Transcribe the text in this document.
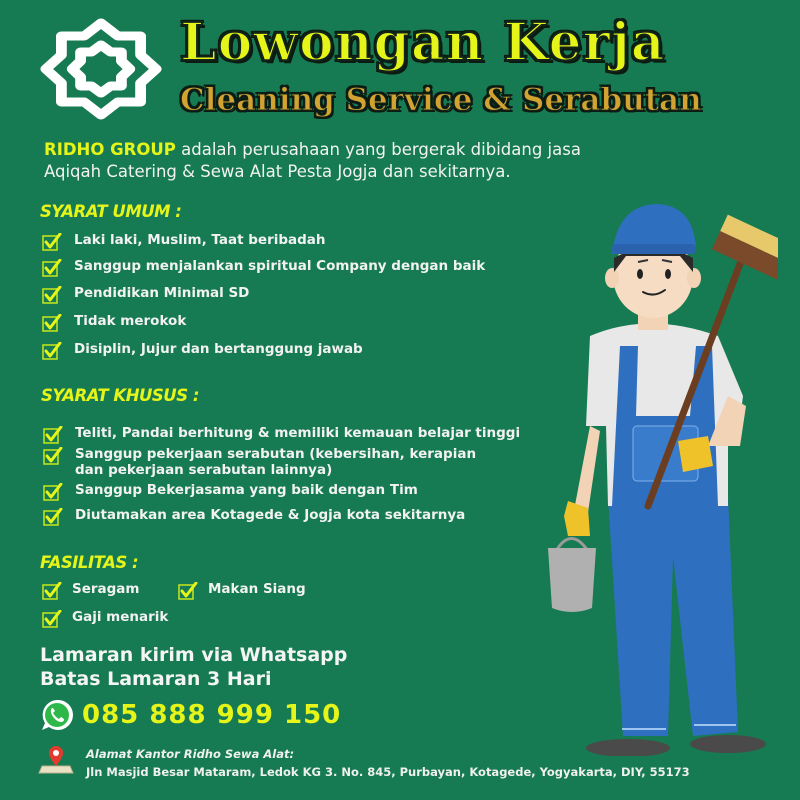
Lowongan Kerja
Cleaning Service & Serabutan
RIDHO GROUP adalah perusahaan yang bergerak dibidang jasa
Aqiqah Catering & Sewa Alat Pesta Jogja dan sekitarnya.
SYARAT UMUM :
Laki laki, Muslim, Taat beribadah
Sanggup menjalankan spiritual Company dengan baik
Pendidikan Minimal SD
Tidak merokok
Disiplin, Jujur dan bertanggung jawab
SYARAT KHUSUS :
Teliti, Pandai berhitung & memiliki kemauan belajar tinggi
Sanggup pekerjaan serabutan (kebersihan, kerapian
dan pekerjaan serabutan lainnya)
Sanggup Bekerjasama yang baik dengan Tim
Diutamakan area Kotagede & Jogja kota sekitarnya
FASILITAS :
Seragam	Makan Siang
Gaji menarik
Lamaran kirim via Whatsapp
Batas Lamaran 3 Hari
085 888 999 150
Alamat Kantor Ridho Sewa Alat:
Jln Masjid Besar Mataram, Ledok KG 3. No. 845, Purbayan, Kotagede, Yogyakarta, DIY, 55173
